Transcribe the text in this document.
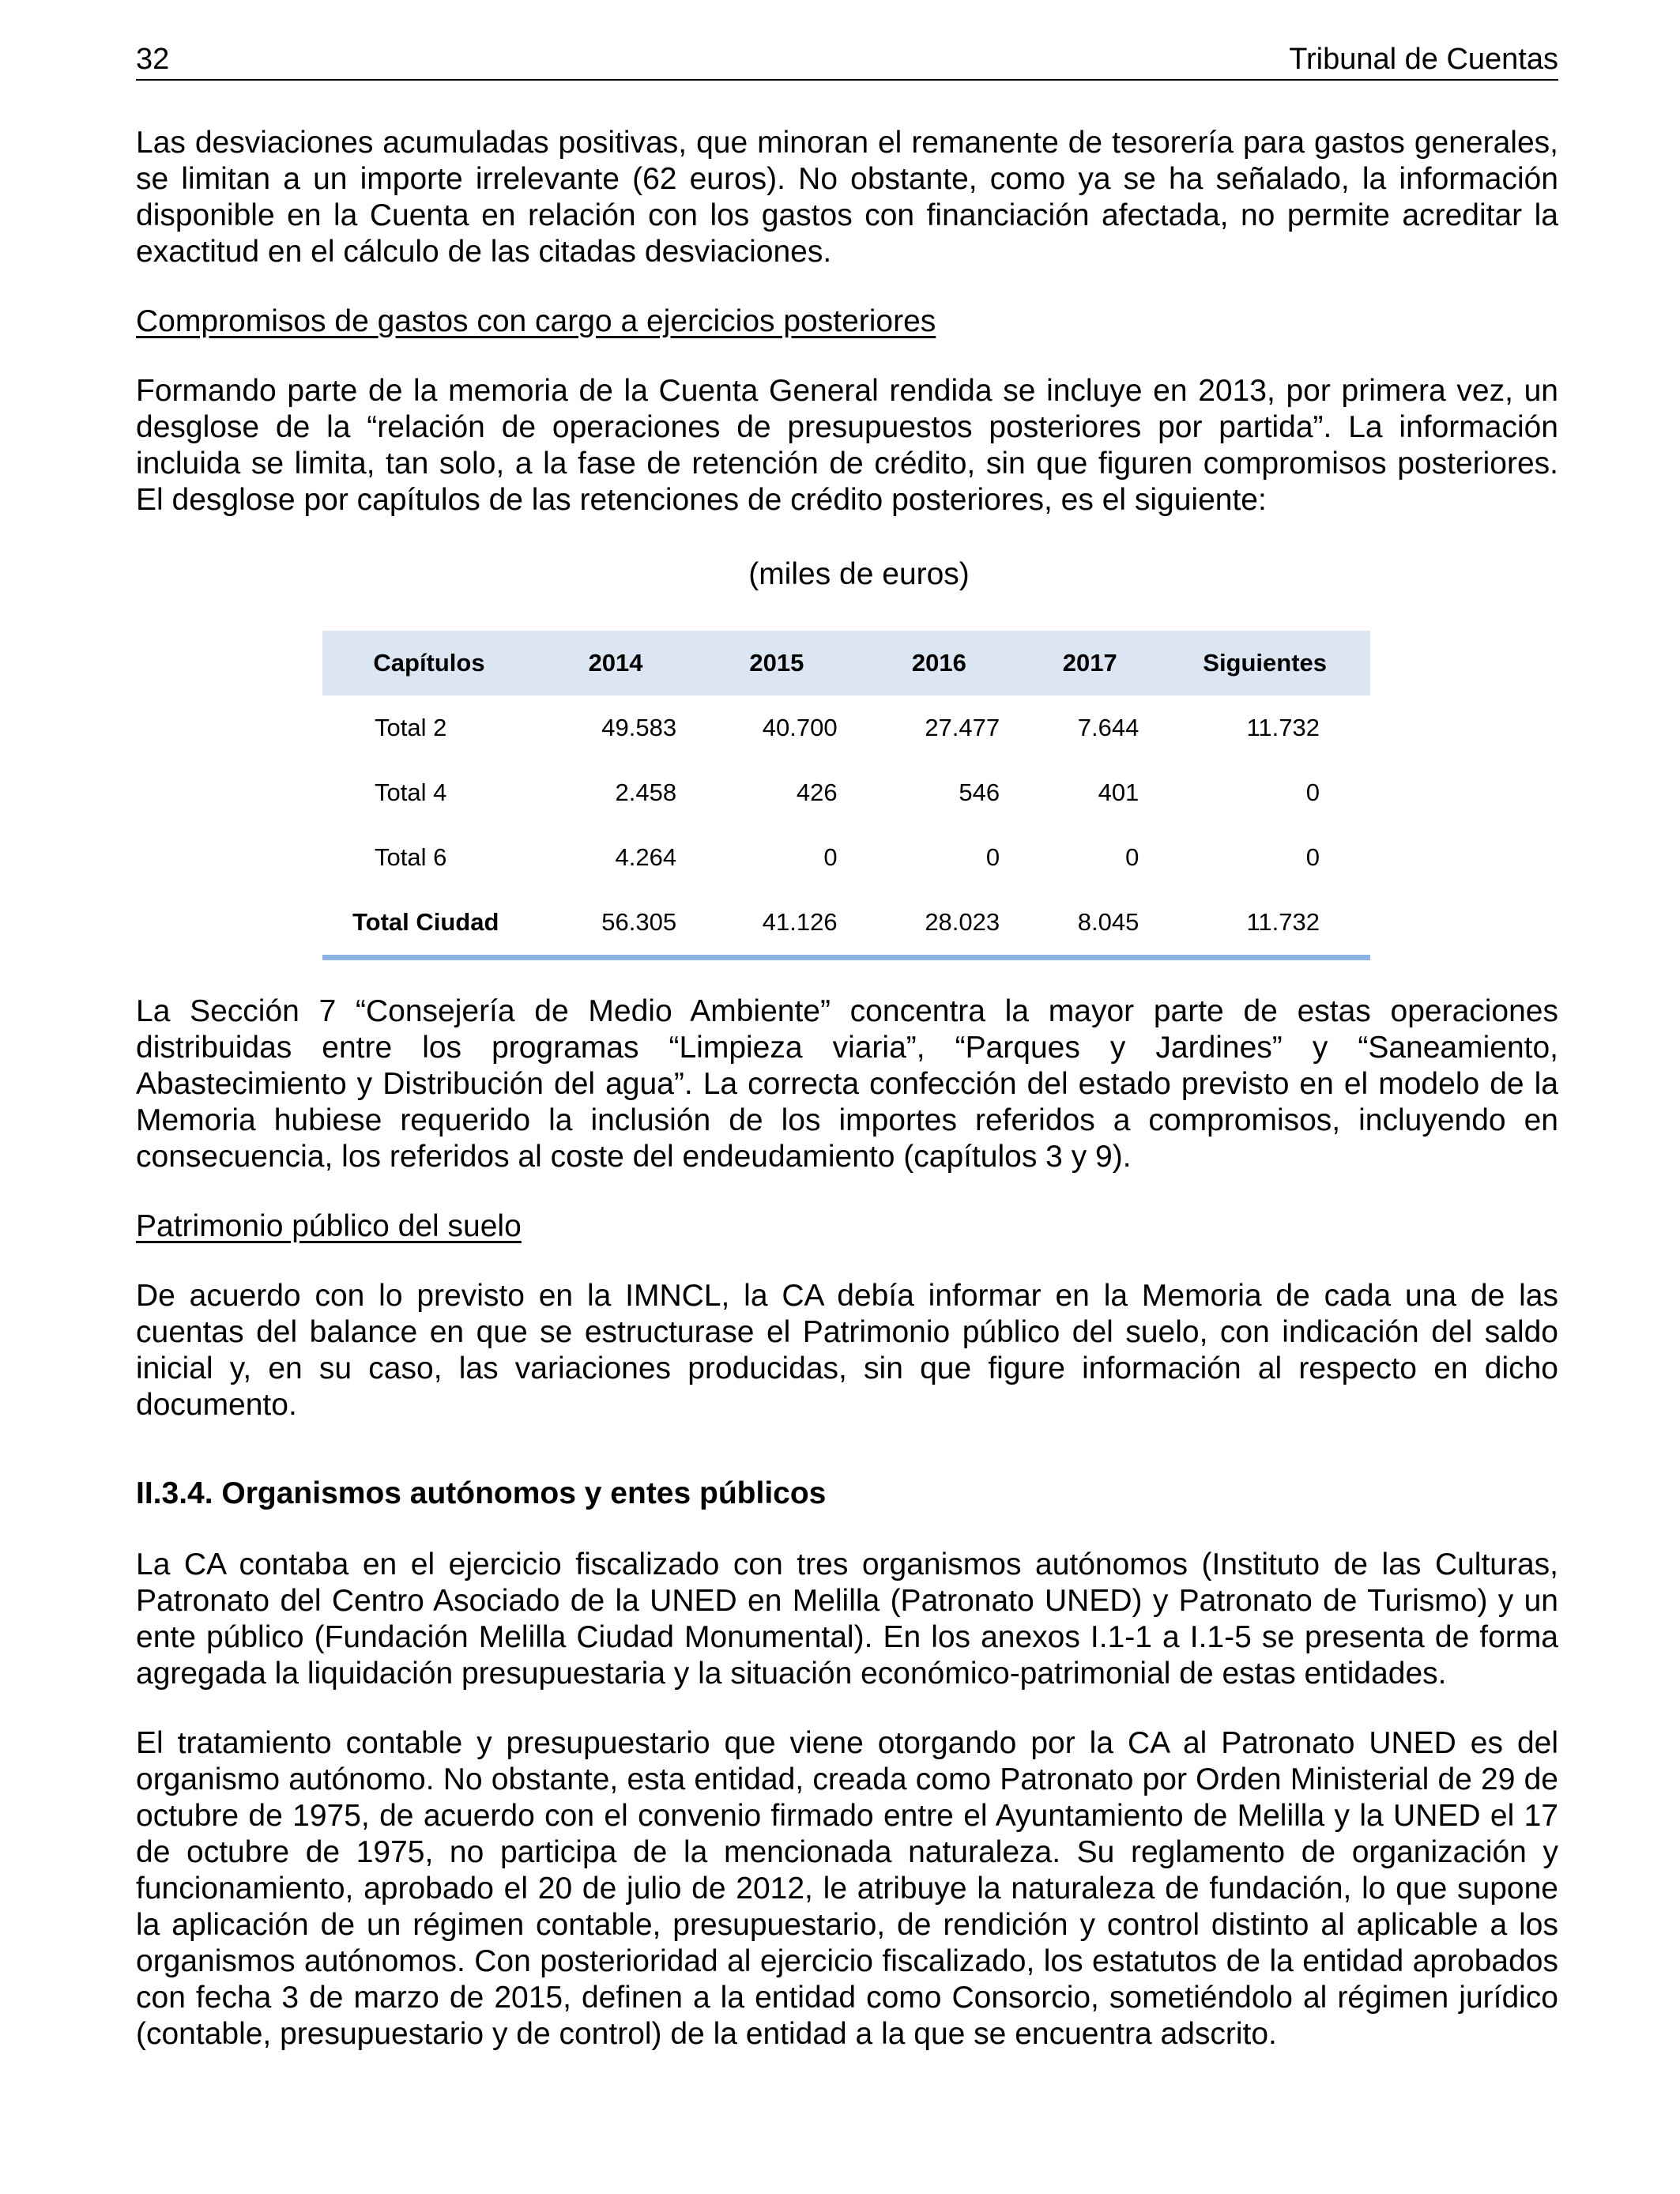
32	Tribunal de Cuentas

Las desviaciones acumuladas positivas, que minoran el remanente de tesorería para gastos generales, se limitan a un importe irrelevante (62 euros). No obstante, como ya se ha señalado, la información disponible en la Cuenta en relación con los gastos con financiación afectada, no permite acreditar la exactitud en el cálculo de las citadas desviaciones.

Compromisos de gastos con cargo a ejercicios posteriores

Formando parte de la memoria de la Cuenta General rendida se incluye en 2013, por primera vez, un desglose de la “relación de operaciones de presupuestos posteriores por partida”. La información incluida se limita, tan solo, a la fase de retención de crédito, sin que figuren compromisos posteriores. El desglose por capítulos de las retenciones de crédito posteriores, es el siguiente:

(miles de euros)
Capítulos	2014	2015	2016	2017	Siguientes
Total 2	49.583	40.700	27.477	7.644	11.732
Total 4	2.458	426	546	401	0
Total 6	4.264	0	0	0	0
Total Ciudad	56.305	41.126	28.023	8.045	11.732

La Sección 7 “Consejería de Medio Ambiente” concentra la mayor parte de estas operaciones distribuidas entre los programas “Limpieza viaria”, “Parques y Jardines” y “Saneamiento, Abastecimiento y Distribución del agua”. La correcta confección del estado previsto en el modelo de la Memoria hubiese requerido la inclusión de los importes referidos a compromisos, incluyendo en consecuencia, los referidos al coste del endeudamiento (capítulos 3 y 9).

Patrimonio público del suelo

De acuerdo con lo previsto en la IMNCL, la CA debía informar en la Memoria de cada una de las cuentas del balance en que se estructurase el Patrimonio público del suelo, con indicación del saldo inicial y, en su caso, las variaciones producidas, sin que figure información al respecto en dicho documento.

II.3.4. Organismos autónomos y entes públicos

La CA contaba en el ejercicio fiscalizado con tres organismos autónomos (Instituto de las Culturas, Patronato del Centro Asociado de la UNED en Melilla (Patronato UNED) y Patronato de Turismo) y un ente público (Fundación Melilla Ciudad Monumental). En los anexos I.1-1 a I.1-5 se presenta de forma agregada la liquidación presupuestaria y la situación económico-patrimonial de estas entidades.

El tratamiento contable y presupuestario que viene otorgando por la CA al Patronato UNED es del organismo autónomo. No obstante, esta entidad, creada como Patronato por Orden Ministerial de 29 de octubre de 1975, de acuerdo con el convenio firmado entre el Ayuntamiento de Melilla y la UNED el 17 de octubre de 1975, no participa de la mencionada naturaleza. Su reglamento de organización y funcionamiento, aprobado el 20 de julio de 2012, le atribuye la naturaleza de fundación, lo que supone la aplicación de un régimen contable, presupuestario, de rendición y control distinto al aplicable a los organismos autónomos. Con posterioridad al ejercicio fiscalizado, los estatutos de la entidad aprobados con fecha 3 de marzo de 2015, definen a la entidad como Consorcio, sometiéndolo al régimen jurídico (contable, presupuestario y de control) de la entidad a la que se encuentra adscrito.
